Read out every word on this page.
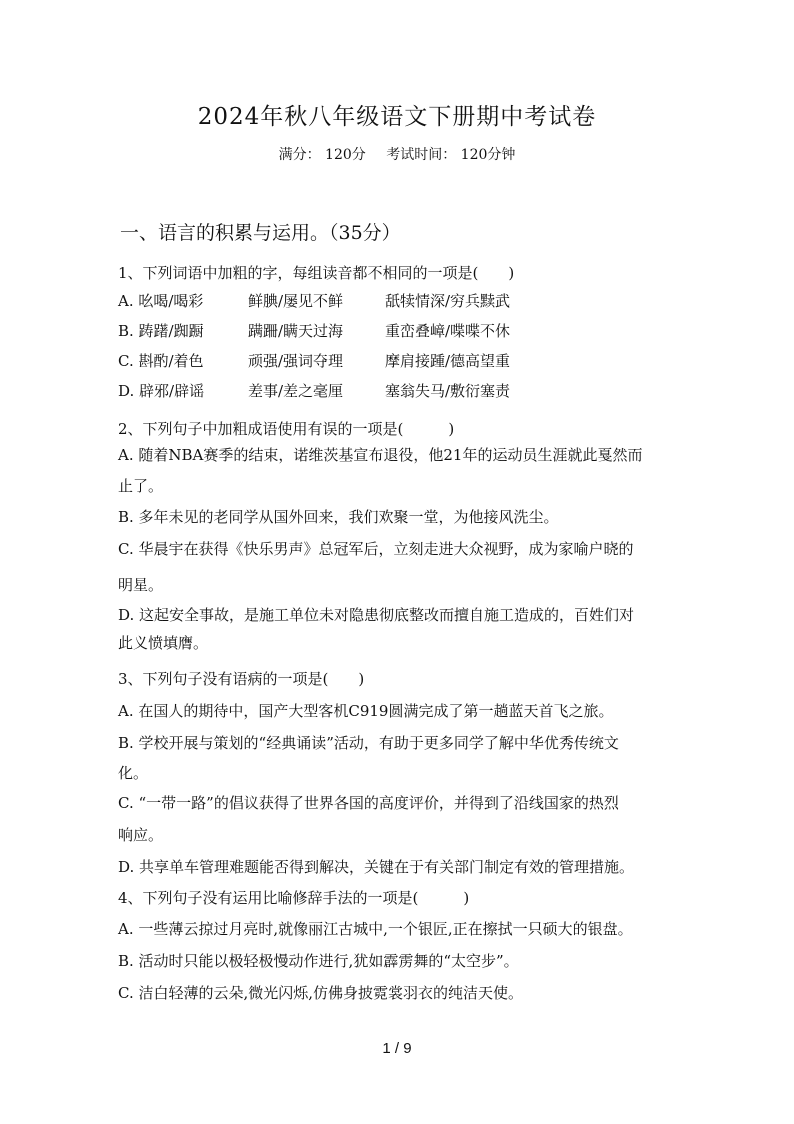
2024年秋八年级语文下册期中考试卷
满分： 120分 考试时间： 120分钟
一、语言的积累与运用。（35分）
1、下列词语中加粗的字，每组读音都不相同的一项是(　　)
A. 吆喝/喝彩	鲜腆/屡见不鲜	舐犊情深/穷兵黩武
B. 踌躇/踟蹰	蹒跚/瞒天过海	重峦叠嶂/喋喋不休
C. 斟酌/着色	顽强/强词夺理	摩肩接踵/德高望重
D. 辟邪/辟谣	差事/差之毫厘	塞翁失马/敷衍塞责
2、下列句子中加粗成语使用有误的一项是(　　　)
A. 随着NBA赛季的结束，诺维茨基宣布退役，他21年的运动员生涯就此戛然而
止了。
B. 多年未见的老同学从国外回来，我们欢聚一堂，为他接风洗尘。
C. 华晨宇在获得《快乐男声》总冠军后，立刻走进大众视野，成为家喻户晓的
明星。
D. 这起安全事故，是施工单位未对隐患彻底整改而擅自施工造成的，百姓们对
此义愤填膺。
3、下列句子没有语病的一项是(　　)
A. 在国人的期待中，国产大型客机C919圆满完成了第一趟蓝天首飞之旅。
B. 学校开展与策划的“经典诵读”活动，有助于更多同学了解中华优秀传统文
化。
C. “一带一路”的倡议获得了世界各国的高度评价，并得到了沿线国家的热烈
响应。
D. 共享单车管理难题能否得到解决，关键在于有关部门制定有效的管理措施。
4、下列句子没有运用比喻修辞手法的一项是(　　　)
A. 一些薄云掠过月亮时,就像丽江古城中,一个银匠,正在擦拭一只硕大的银盘。
B. 活动时只能以极轻极慢动作进行,犹如霹雳舞的“太空步”。
C. 洁白轻薄的云朵,微光闪烁,仿佛身披霓裳羽衣的纯洁天使。
1 / 9
